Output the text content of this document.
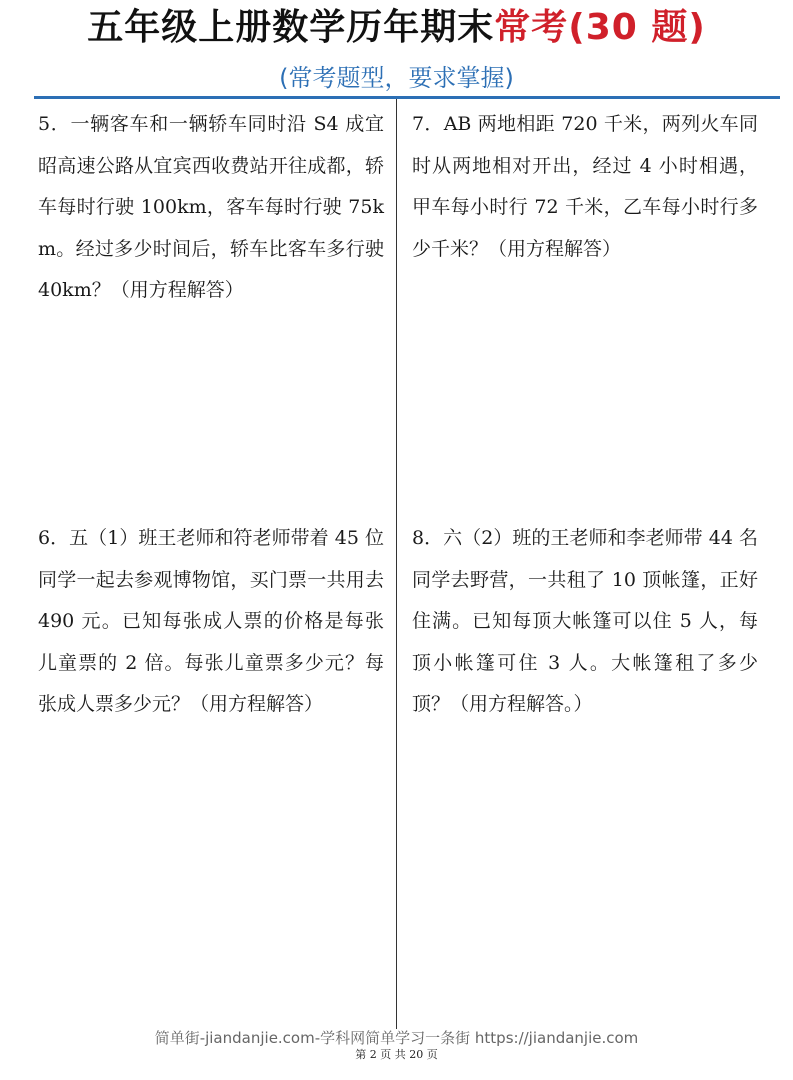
五年级上册数学历年期末常考(30 题)
(常考题型，要求掌握)
5．一辆客车和一辆轿车同时沿 S4 成宜昭高速公路从宜宾西收费站开往成都，轿车每时行驶 100km，客车每时行驶 75km。经过多少时间后，轿车比客车多行驶 40km？（用方程解答）
7．AB 两地相距 720 千米，两列火车同时从两地相对开出，经过 4 小时相遇，甲车每小时行 72 千米，乙车每小时行多少千米？（用方程解答）
6．五（1）班王老师和符老师带着 45 位同学一起去参观博物馆，买门票一共用去 490 元。已知每张成人票的价格是每张儿童票的 2 倍。每张儿童票多少元？每张成人票多少元？（用方程解答）
8．六（2）班的王老师和李老师带 44 名同学去野营，一共租了 10 顶帐篷，正好住满。已知每顶大帐篷可以住 5 人，每顶小帐篷可住 3 人。大帐篷租了多少顶？（用方程解答。）
简单街-jiandanjie.com-学科网简单学习一条街 https://jiandanjie.com
第 2 页 共 20 页
